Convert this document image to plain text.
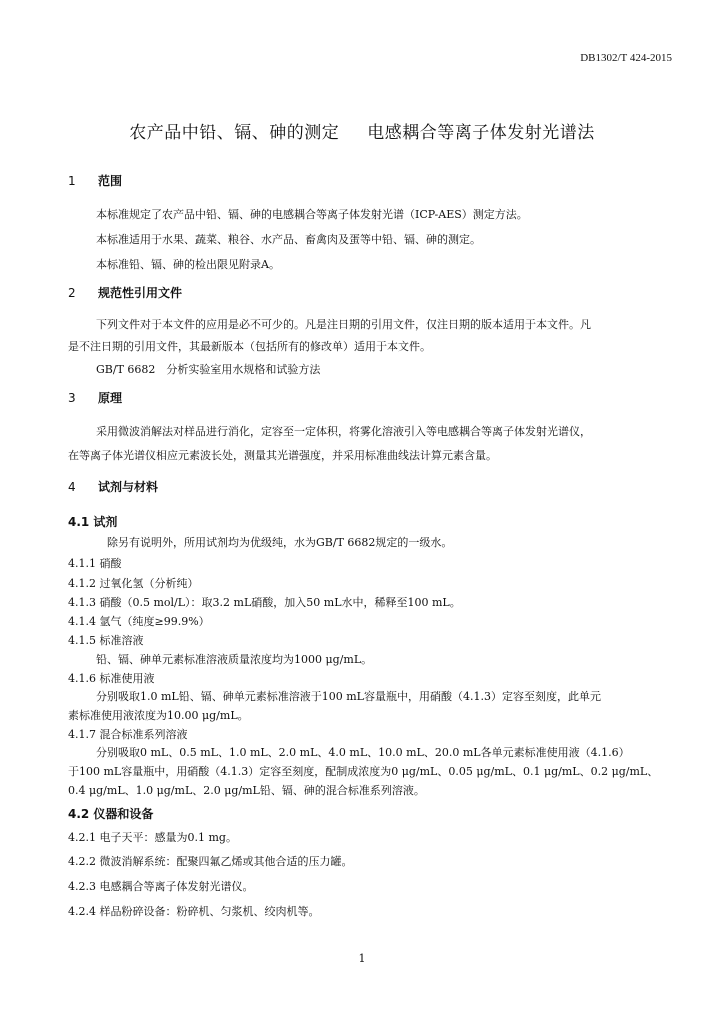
DB1302/T 424-2015
农产品中铅、镉、砷的测定 电感耦合等离子体发射光谱法
1 范围
本标准规定了农产品中铅、镉、砷的电感耦合等离子体发射光谱（ICP-AES）测定方法。
本标准适用于水果、蔬菜、粮谷、水产品、畜禽肉及蛋等中铅、镉、砷的测定。
本标准铅、镉、砷的检出限见附录A。
2 规范性引用文件
下列文件对于本文件的应用是必不可少的。凡是注日期的引用文件，仅注日期的版本适用于本文件。凡
是不注日期的引用文件，其最新版本（包括所有的修改单）适用于本文件。
GB/T 6682　分析实验室用水规格和试验方法
3 原理
采用微波消解法对样品进行消化，定容至一定体积，将雾化溶液引入等电感耦合等离子体发射光谱仪，
在等离子体光谱仪相应元素波长处，测量其光谱强度，并采用标准曲线法计算元素含量。
4 试剂与材料
4.1 试剂
除另有说明外，所用试剂均为优级纯，水为GB/T 6682规定的一级水。
4.1.1 硝酸
4.1.2 过氧化氢（分析纯）
4.1.3 硝酸（0.5 mol/L）：取3.2 mL硝酸，加入50 mL水中，稀释至100 mL。
4.1.4 氩气（纯度≥99.9%）
4.1.5 标准溶液
铅、镉、砷单元素标准溶液质量浓度均为1000 μg/mL。
4.1.6 标准使用液
分别吸取1.0 mL铅、镉、砷单元素标准溶液于100 mL容量瓶中，用硝酸（4.1.3）定容至刻度，此单元
素标准使用液浓度为10.00 μg/mL。
4.1.7 混合标准系列溶液
分别吸取0 mL、0.5 mL、1.0 mL、2.0 mL、4.0 mL、10.0 mL、20.0 mL各单元素标准使用液（4.1.6）
于100 mL容量瓶中，用硝酸（4.1.3）定容至刻度，配制成浓度为0 μg/mL、0.05 μg/mL、0.1 μg/mL、0.2 μg/mL、
0.4 μg/mL、1.0 μg/mL、2.0 μg/mL铅、镉、砷的混合标准系列溶液。
4.2 仪器和设备
4.2.1 电子天平：感量为0.1 mg。
4.2.2 微波消解系统：配聚四氟乙烯或其他合适的压力罐。
4.2.3 电感耦合等离子体发射光谱仪。
4.2.4 样品粉碎设备：粉碎机、匀浆机、绞肉机等。
1
